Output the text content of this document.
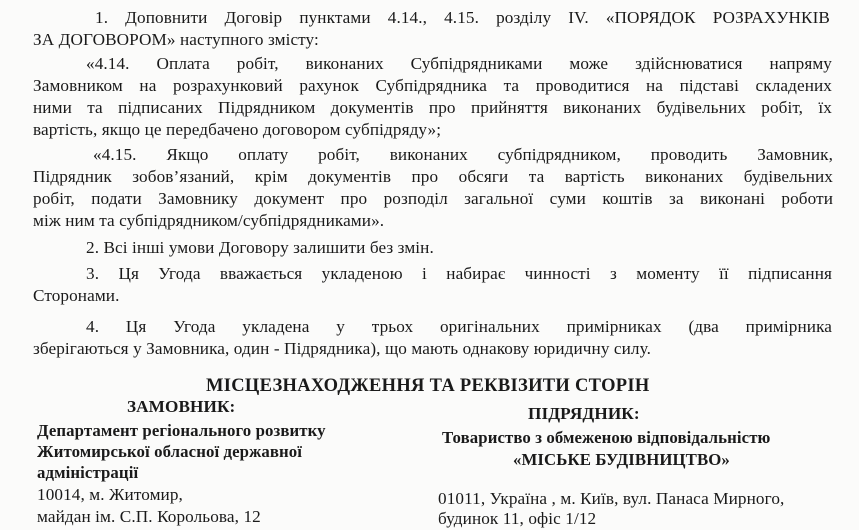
1. Доповнити Договір пунктами 4.14., 4.15. розділу IV. «ПОРЯДОК РОЗРАХУНКІВ
ЗА ДОГОВОРОМ» наступного змісту:
«4.14. Оплата робіт, виконаних Субпідрядниками може здійснюватися напряму
Замовником на розрахунковий рахунок Субпідрядника та проводитися на підставі складених
ними та підписаних Підрядником документів про прийняття виконаних будівельних робіт, їх
вартість, якщо це передбачено договором субпідряду»;
«4.15. Якщо оплату робіт, виконаних субпідрядником, проводить Замовник,
Підрядник зобов’язаний, крім документів про обсяги та вартість виконаних будівельних
робіт, подати Замовнику документ про розподіл загальної суми коштів за виконані роботи
між ним та субпідрядником/субпідрядниками».
2. Всі інші умови Договору залишити без змін.
3. Ця Угода вважається укладеною і набирає чинності з моменту її підписання
Сторонами.
4. Ця Угода укладена у трьох оригінальних примірниках (два примірника
зберігаються у Замовника, один - Підрядника), що мають однакову юридичну силу.
МІСЦЕЗНАХОДЖЕННЯ ТА РЕКВІЗИТИ СТОРІН
ЗАМОВНИК:
Департамент регіонального розвитку
Житомирської обласної державної
адміністрації
10014, м. Житомир,
майдан ім. С.П. Корольова, 12
ПІДРЯДНИК:
Товариство з обмеженою відповідальністю
«МІСЬКЕ БУДІВНИЦТВО»
01011, Україна , м. Київ, вул. Панаса Мирного,
будинок 11, офіс 1/12
